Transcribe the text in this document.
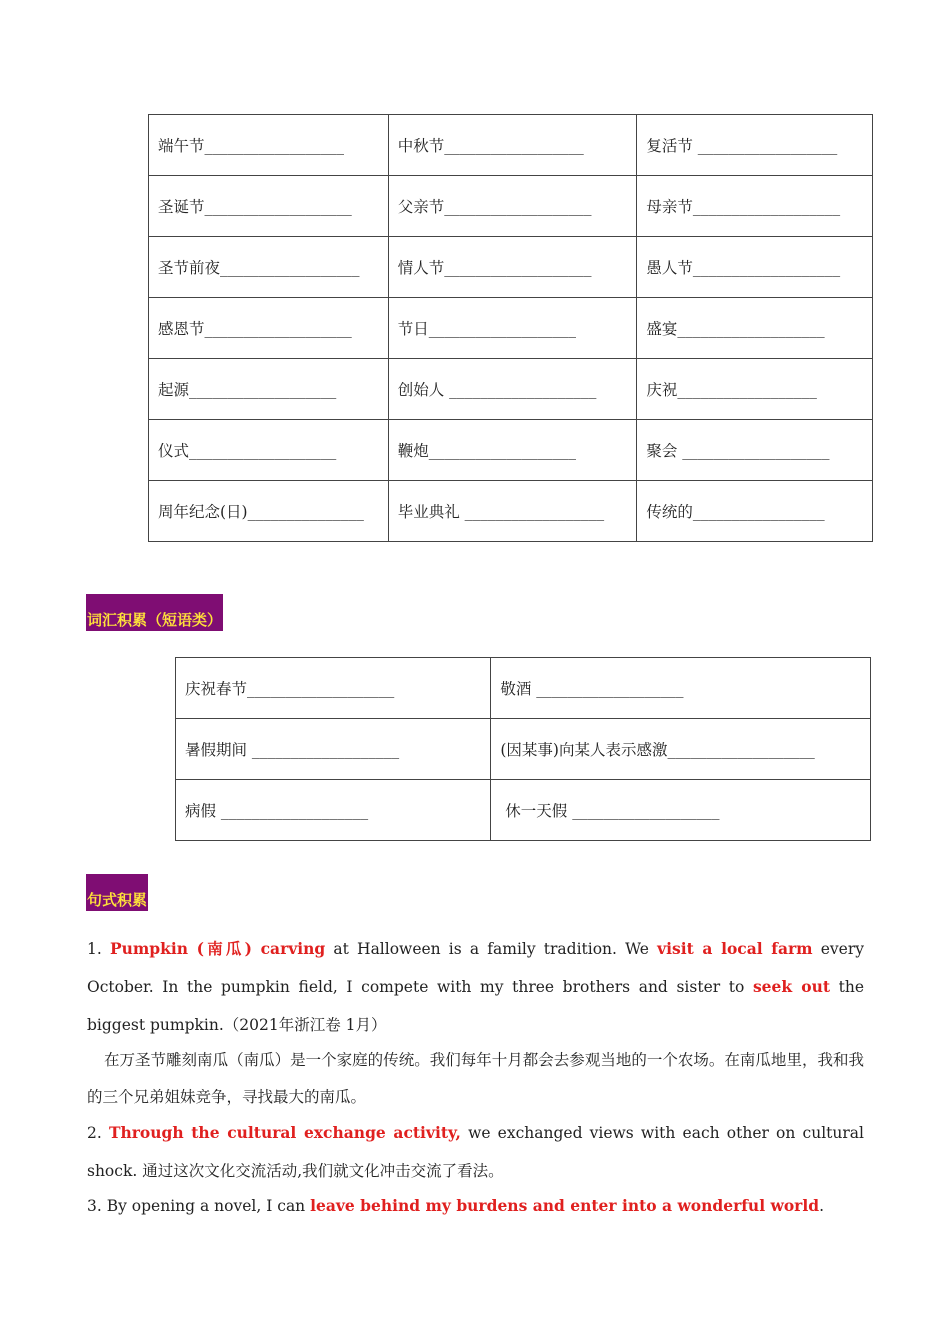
端午节__________________	中秋节__________________	复活节 __________________
圣诞节___________________	父亲节___________________	母亲节___________________
圣节前夜__________________	情人节___________________	愚人节___________________
感恩节___________________	节日___________________	盛宴___________________
起源___________________	创始人 ___________________	庆祝__________________
仪式___________________	鞭炮___________________	聚会 ___________________
周年纪念(日)_______________	毕业典礼 __________________	传统的_________________
词汇积累（短语类）
庆祝春节___________________	敬酒 ___________________
暑假期间 ___________________	(因某事)向某人表示感激___________________
病假 ___________________	休一天假 ___________________
句式积累
1. Pumpkin (南瓜) carving at Halloween is a family tradition. We visit a local farm every October. In the pumpkin field, I compete with my three brothers and sister to seek out the biggest pumpkin.（2021年浙江卷 1月）
在万圣节雕刻南瓜（南瓜）是一个家庭的传统。我们每年十月都会去参观当地的一个农场。在南瓜地里，我和我的三个兄弟姐妹竞争，寻找最大的南瓜。
2. Through the cultural exchange activity, we exchanged views with each other on cultural shock. 通过这次文化交流活动,我们就文化冲击交流了看法。
3. By opening a novel, I can leave behind my burdens and enter into a wonderful world.
